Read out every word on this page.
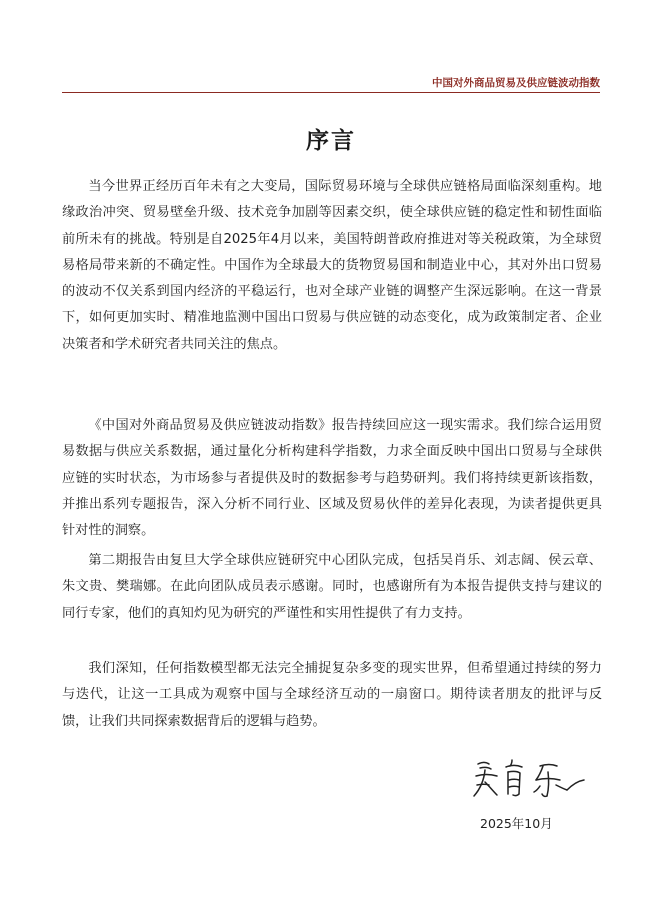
中国对外商品贸易及供应链波动指数
序言

当今世界正经历百年未有之大变局，国际贸易环境与全球供应链格局面临深刻重构。地缘政治冲突、贸易壁垒升级、技术竞争加剧等因素交织，使全球供应链的稳定性和韧性面临前所未有的挑战。特别是自2025年4月以来，美国特朗普政府推进对等关税政策，为全球贸易格局带来新的不确定性。中国作为全球最大的货物贸易国和制造业中心，其对外出口贸易的波动不仅关系到国内经济的平稳运行，也对全球产业链的调整产生深远影响。在这一背景下，如何更加实时、精准地监测中国出口贸易与供应链的动态变化，成为政策制定者、企业决策者和学术研究者共同关注的焦点。

《中国对外商品贸易及供应链波动指数》报告持续回应这一现实需求。我们综合运用贸易数据与供应关系数据，通过量化分析构建科学指数，力求全面反映中国出口贸易与全球供应链的实时状态，为市场参与者提供及时的数据参考与趋势研判。我们将持续更新该指数，并推出系列专题报告，深入分析不同行业、区域及贸易伙伴的差异化表现，为读者提供更具针对性的洞察。

第二期报告由复旦大学全球供应链研究中心团队完成，包括吴肖乐、刘志阔、侯云章、朱文贵、樊瑞娜。在此向团队成员表示感谢。同时，也感谢所有为本报告提供支持与建议的同行专家，他们的真知灼见为研究的严谨性和实用性提供了有力支持。

我们深知，任何指数模型都无法完全捕捉复杂多变的现实世界，但希望通过持续的努力与迭代，让这一工具成为观察中国与全球经济互动的一扇窗口。期待读者朋友的批评与反馈，让我们共同探索数据背后的逻辑与趋势。

2025年10月
